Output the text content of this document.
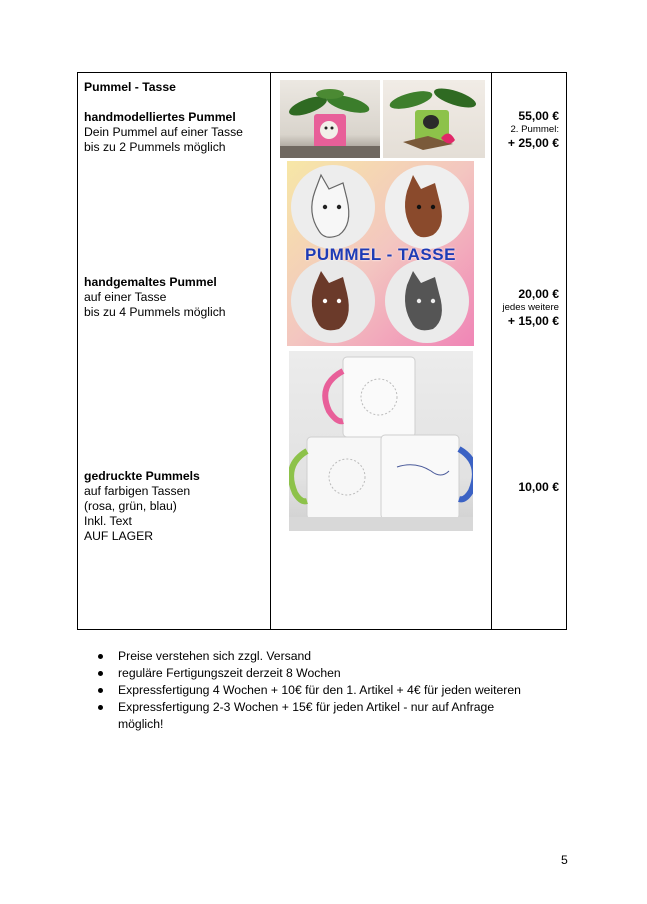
Pummel - Tasse
handmodelliertes Pummel
Dein Pummel auf einer Tasse
bis zu 2 Pummels möglich
handgemaltes Pummel
auf einer Tasse
bis zu 4 Pummels möglich
gedruckte Pummels
auf farbigen Tassen
(rosa, grün, blau)
Inkl. Text
AUF LAGER
55,00 €
2. Pummel:
+ 25,00 €
20,00 €
jedes weitere
+ 15,00 €
10,00 €
PUMMEL - TASSE
Preise verstehen sich zzgl. Versand
reguläre Fertigungszeit derzeit 8 Wochen
Expressfertigung 4 Wochen + 10€ für den 1. Artikel + 4€ für jeden weiteren
Expressfertigung 2-3 Wochen + 15€ für jeden Artikel - nur auf Anfrage
möglich!
5
